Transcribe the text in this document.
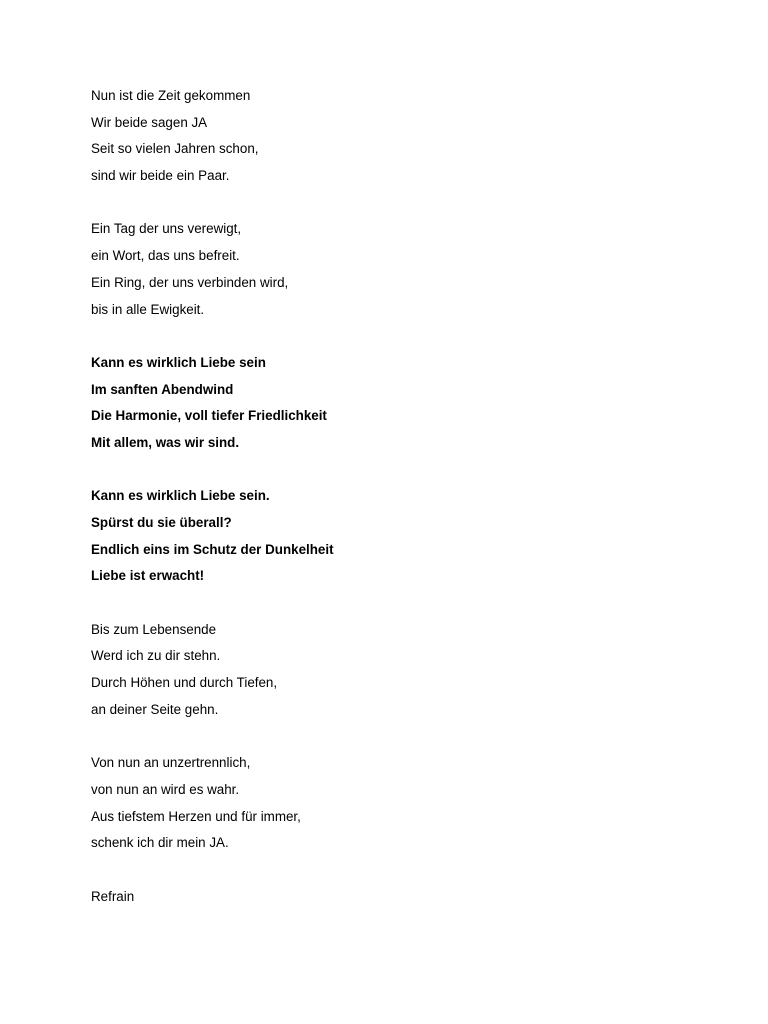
Nun ist die Zeit gekommen
Wir beide sagen JA
Seit so vielen Jahren schon,
sind wir beide ein Paar.
Ein Tag der uns verewigt,
ein Wort, das uns befreit.
Ein Ring, der uns verbinden wird,
bis in alle Ewigkeit.
Kann es wirklich Liebe sein
Im sanften Abendwind
Die Harmonie, voll tiefer Friedlichkeit
Mit allem, was wir sind.
Kann es wirklich Liebe sein.
Spürst du sie überall?
Endlich eins im Schutz der Dunkelheit
Liebe ist erwacht!
Bis zum Lebensende
Werd ich zu dir stehn.
Durch Höhen und durch Tiefen,
an deiner Seite gehn.
Von nun an unzertrennlich,
von nun an wird es wahr.
Aus tiefstem Herzen und für immer,
schenk ich dir mein JA.
Refrain
